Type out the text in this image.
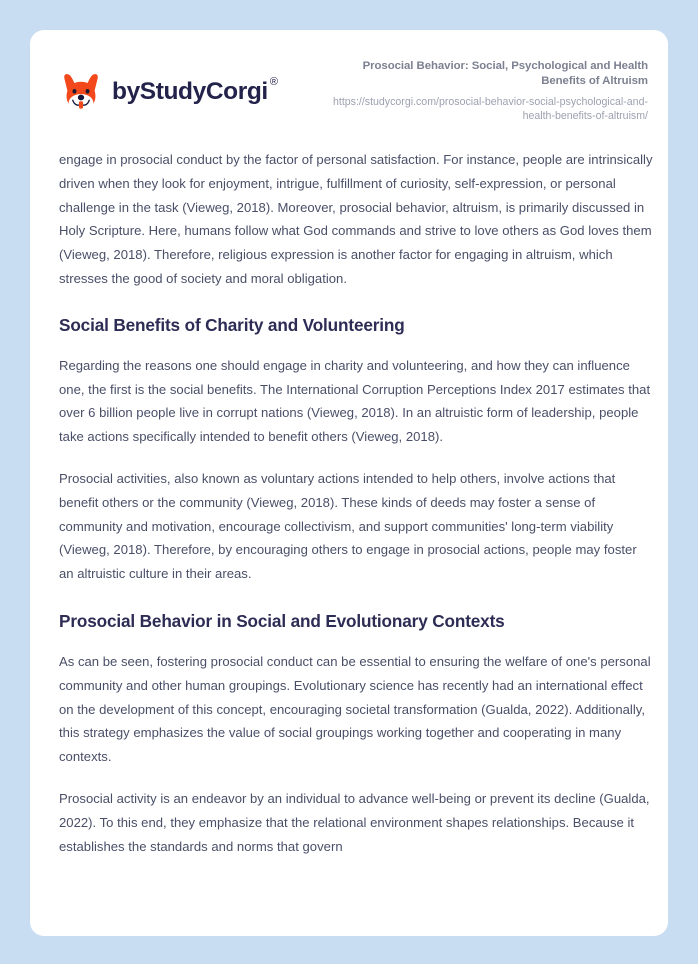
by StudyCorgi ®
Prosocial Behavior: Social, Psychological and Health Benefits of Altruism
https://studycorgi.com/prosocial-behavior-social-psychological-and-health-benefits-of-altruism/

engage in prosocial conduct by the factor of personal satisfaction. For instance, people are intrinsically driven when they look for enjoyment, intrigue, fulfillment of curiosity, self-expression, or personal challenge in the task (Vieweg, 2018). Moreover, prosocial behavior, altruism, is primarily discussed in Holy Scripture. Here, humans follow what God commands and strive to love others as God loves them (Vieweg, 2018). Therefore, religious expression is another factor for engaging in altruism, which stresses the good of society and moral obligation.

Social Benefits of Charity and Volunteering

Regarding the reasons one should engage in charity and volunteering, and how they can influence one, the first is the social benefits. The International Corruption Perceptions Index 2017 estimates that over 6 billion people live in corrupt nations (Vieweg, 2018). In an altruistic form of leadership, people take actions specifically intended to benefit others (Vieweg, 2018).

Prosocial activities, also known as voluntary actions intended to help others, involve actions that benefit others or the community (Vieweg, 2018). These kinds of deeds may foster a sense of community and motivation, encourage collectivism, and support communities' long-term viability (Vieweg, 2018). Therefore, by encouraging others to engage in prosocial actions, people may foster an altruistic culture in their areas.

Prosocial Behavior in Social and Evolutionary Contexts

As can be seen, fostering prosocial conduct can be essential to ensuring the welfare of one's personal community and other human groupings. Evolutionary science has recently had an international effect on the development of this concept, encouraging societal transformation (Gualda, 2022). Additionally, this strategy emphasizes the value of social groupings working together and cooperating in many contexts.

Prosocial activity is an endeavor by an individual to advance well-being or prevent its decline (Gualda, 2022). To this end, they emphasize that the relational environment shapes relationships. Because it establishes the standards and norms that govern
